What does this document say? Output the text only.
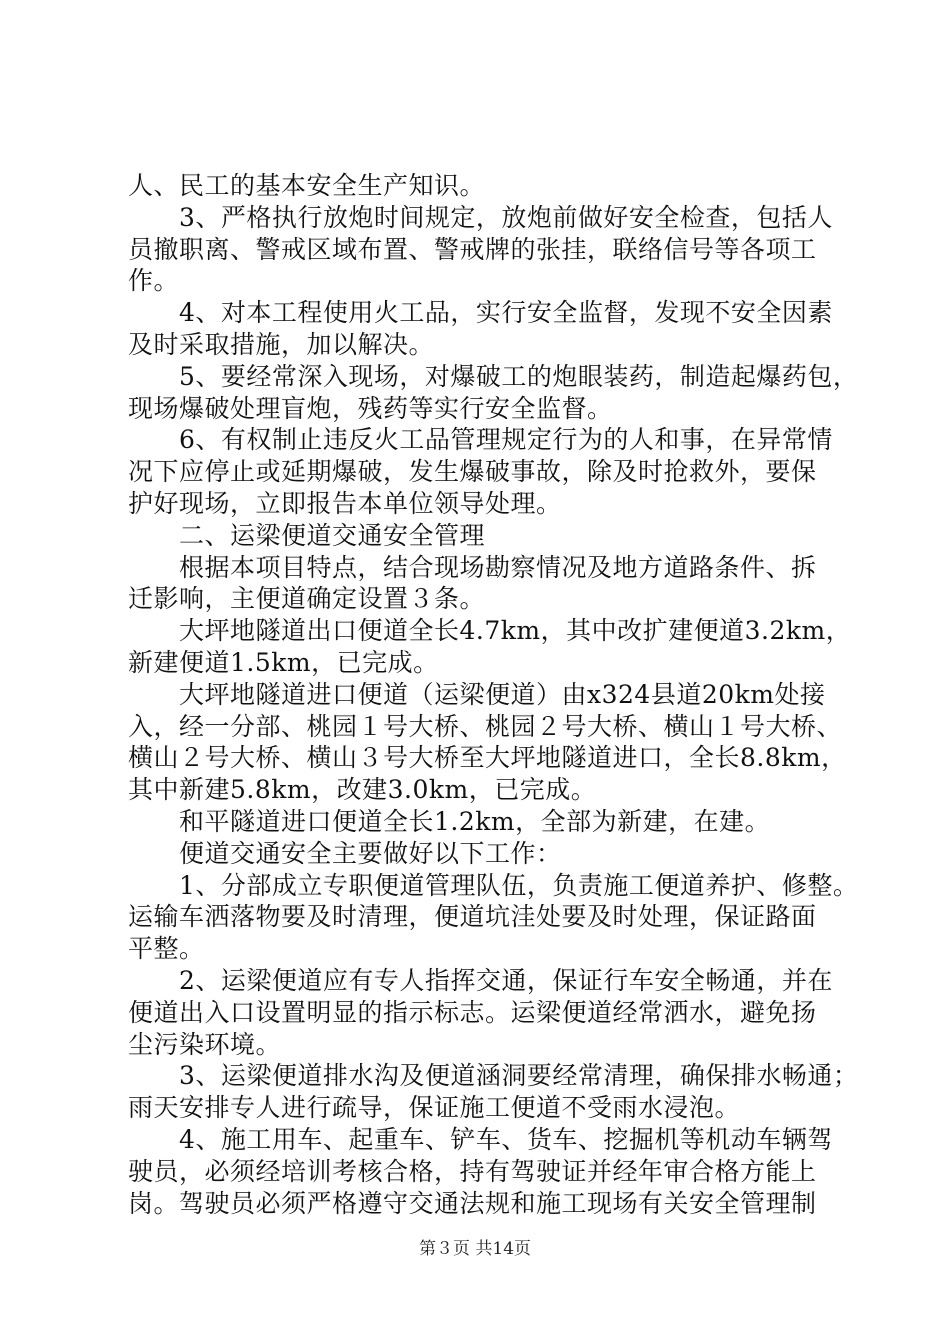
人、民工的基本安全生产知识。
　　3、严格执行放炮时间规定，放炮前做好安全检查，包括人
员撤职离、警戒区域布置、警戒牌的张挂，联络信号等各项工
作。
　　4、对本工程使用火工品，实行安全监督，发现不安全因素
及时采取措施，加以解决。
　　5、要经常深入现场，对爆破工的炮眼装药，制造起爆药包，
现场爆破处理盲炮，残药等实行安全监督。
　　6、有权制止违反火工品管理规定行为的人和事，在异常情
况下应停止或延期爆破，发生爆破事故，除及时抢救外，要保
护好现场，立即报告本单位领导处理。
　　二、运梁便道交通安全管理
　　根据本项目特点，结合现场勘察情况及地方道路条件、拆
迁影响，主便道确定设置３条。
　　大坪地隧道出口便道全长4.7km，其中改扩建便道3.2km，
新建便道1.5km，已完成。
　　大坪地隧道进口便道（运梁便道）由x324县道20km处接
入，经一分部、桃园１号大桥、桃园２号大桥、横山１号大桥、
横山２号大桥、横山３号大桥至大坪地隧道进口，全长8.8km，
其中新建5.8km，改建3.0km，已完成。
　　和平隧道进口便道全长1.2km，全部为新建，在建。
　　便道交通安全主要做好以下工作：
　　1、分部成立专职便道管理队伍，负责施工便道养护、修整。
运输车洒落物要及时清理，便道坑洼处要及时处理，保证路面
平整。
　　2、运梁便道应有专人指挥交通，保证行车安全畅通，并在
便道出入口设置明显的指示标志。运梁便道经常洒水，避免扬
尘污染环境。
　　3、运梁便道排水沟及便道涵洞要经常清理，确保排水畅通；
雨天安排专人进行疏导，保证施工便道不受雨水浸泡。
　　4、施工用车、起重车、铲车、货车、挖掘机等机动车辆驾
驶员，必须经培训考核合格，持有驾驶证并经年审合格方能上
岗。驾驶员必须严格遵守交通法规和施工现场有关安全管理制
第３页 共14页
